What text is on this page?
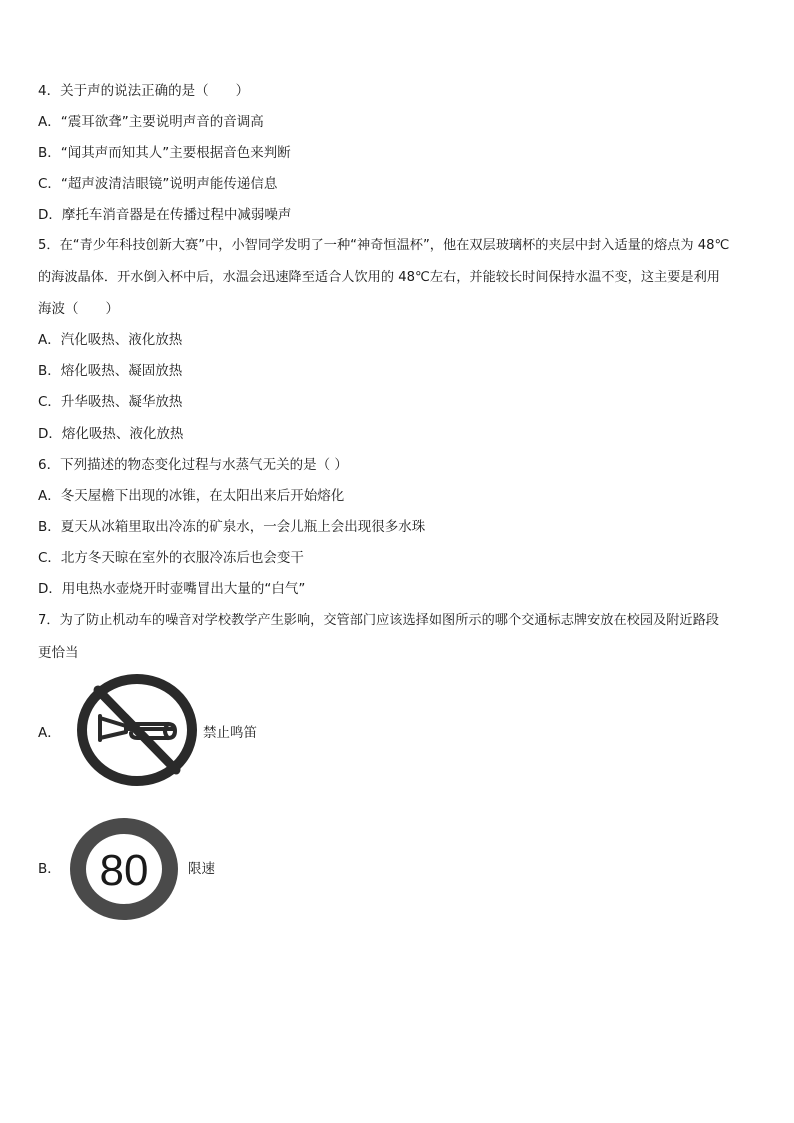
4．关于声的说法正确的是（　　）
A．“震耳欲聋”主要说明声音的音调高
B．“闻其声而知其人”主要根据音色来判断
C．“超声波清洁眼镜”说明声能传递信息
D．摩托车消音器是在传播过程中减弱噪声
5．在“青少年科技创新大赛”中，小智同学发明了一种“神奇恒温杯”，他在双层玻璃杯的夹层中封入适量的熔点为 48℃
的海波晶体．开水倒入杯中后，水温会迅速降至适合人饮用的 48℃左右，并能较长时间保持水温不变，这主要是利用
海波（　　）
A．汽化吸热、液化放热
B．熔化吸热、凝固放热
C．升华吸热、凝华放热
D．熔化吸热、液化放热
6．下列描述的物态变化过程与水蒸气无关的是（ ）
A．冬天屋檐下出现的冰锥，在太阳出来后开始熔化
B．夏天从冰箱里取出冷冻的矿泉水，一会儿瓶上会出现很多水珠
C．北方冬天晾在室外的衣服冷冻后也会变干
D．用电热水壶烧开时壶嘴冒出大量的“白气”
7．为了防止机动车的噪音对学校教学产生影响，交管部门应该选择如图所示的哪个交通标志牌安放在校园及附近路段
更恰当
A．	禁止鸣笛
B． 80	限速
